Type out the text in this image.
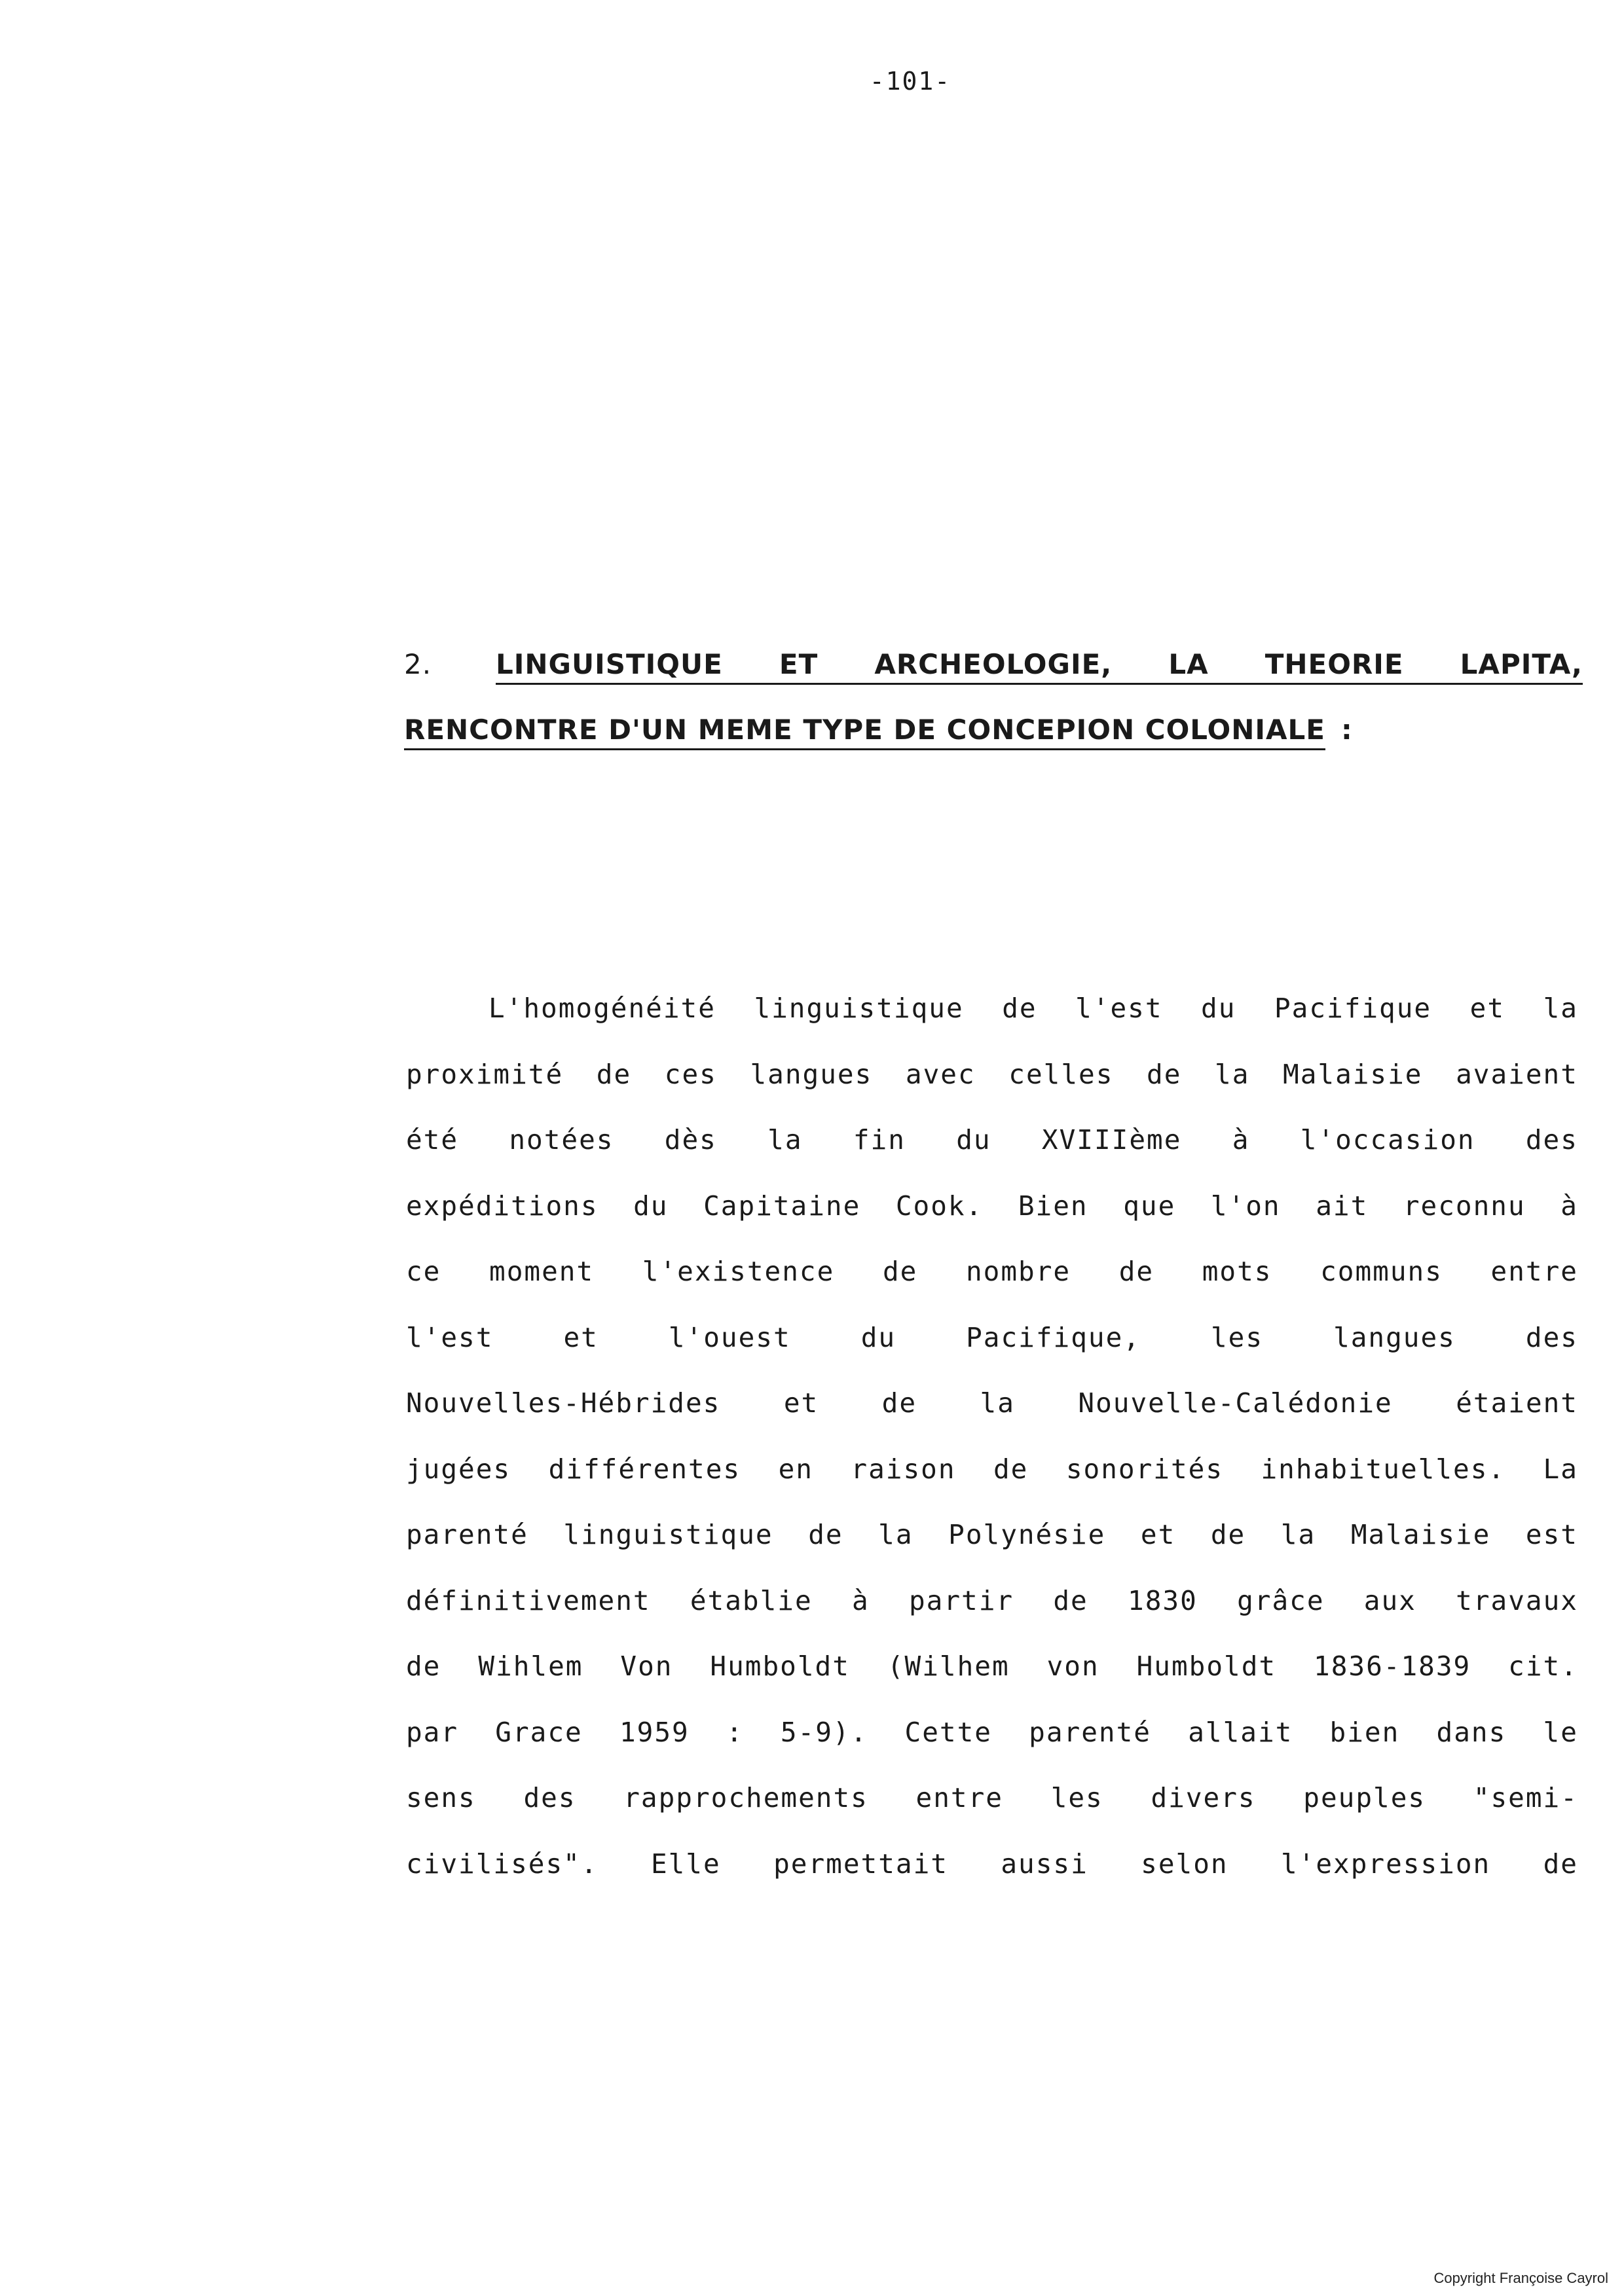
-101-
2.	LINGUISTIQUE ET ARCHEOLOGIE, LA THEORIE LAPITA,
RENCONTRE D'UN MEME TYPE DE CONCEPION COLONIALE :
L'homogénéité linguistique de l'est du Pacifique et la
proximité de ces langues avec celles de la Malaisie avaient
été notées dès la fin du XVIIIème à l'occasion des
expéditions du Capitaine Cook. Bien que l'on ait reconnu à
ce moment l'existence de nombre de mots communs entre
l'est	et	l'ouest	du	Pacifique,	les	langues	des
Nouvelles-Hébrides et de la Nouvelle-Calédonie étaient
jugées différentes en raison de sonorités inhabituelles. La
parenté linguistique de la Polynésie et de la Malaisie est
définitivement établie à partir de 1830 grâce aux travaux
de Wihlem Von Humboldt (Wilhem von Humboldt 1836-1839 cit.
par Grace 1959 : 5-9). Cette parenté allait bien dans le
sens des rapprochements entre les divers peuples "semi-
civilisés". Elle permettait aussi selon l'expression de
Copyright Françoise Cayrol
